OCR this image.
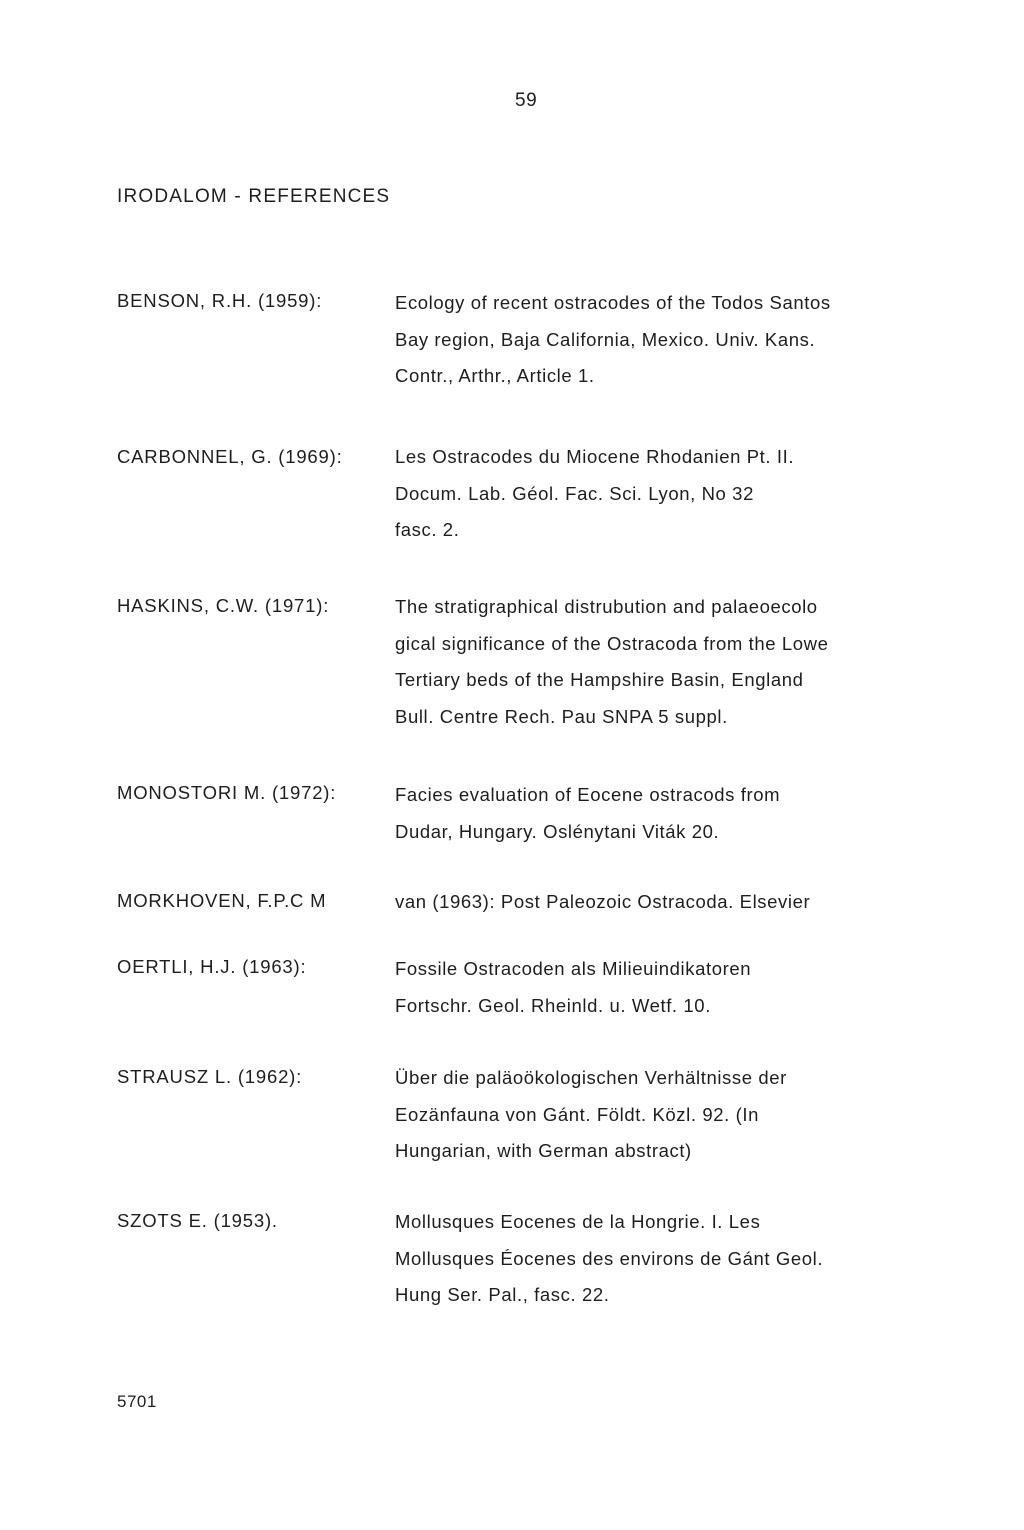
59
IRODALOM - REFERENCES
BENSON, R.H. (1959):	Ecology of recent ostracodes of the Todos Santos
Bay region, Baja California, Mexico. Univ. Kans.
Contr., Arthr., Article 1.
CARBONNEL, G. (1969):	Les Ostracodes du Miocene Rhodanien Pt. II.
Docum. Lab. Géol. Fac. Sci. Lyon, No 32
fasc. 2.
HASKINS, C.W. (1971):	The stratigraphical distrubution and palaeoecolo
gical significance of the Ostracoda from the Lowe
Tertiary beds of the Hampshire Basin, England
Bull. Centre Rech. Pau SNPA 5 suppl.
MONOSTORI M. (1972):	Facies evaluation of Eocene ostracods from
Dudar, Hungary. Oslénytani Viták 20.
MORKHOVEN, F.P.C M	van (1963): Post Paleozoic Ostracoda. Elsevier
OERTLI, H.J. (1963):	Fossile Ostracoden als Milieuindikatoren
Fortschr. Geol. Rheinld. u. Wetf. 10.
STRAUSZ L. (1962):	Über die paläoökologischen Verhältnisse der
Eozänfauna von Gánt. Földt. Közl. 92. (In
Hungarian, with German abstract)
SZOTS E. (1953).	Mollusques Eocenes de la Hongrie. I. Les
Mollusques Éocenes des environs de Gánt Geol.
Hung Ser. Pal., fasc. 22.
5701
